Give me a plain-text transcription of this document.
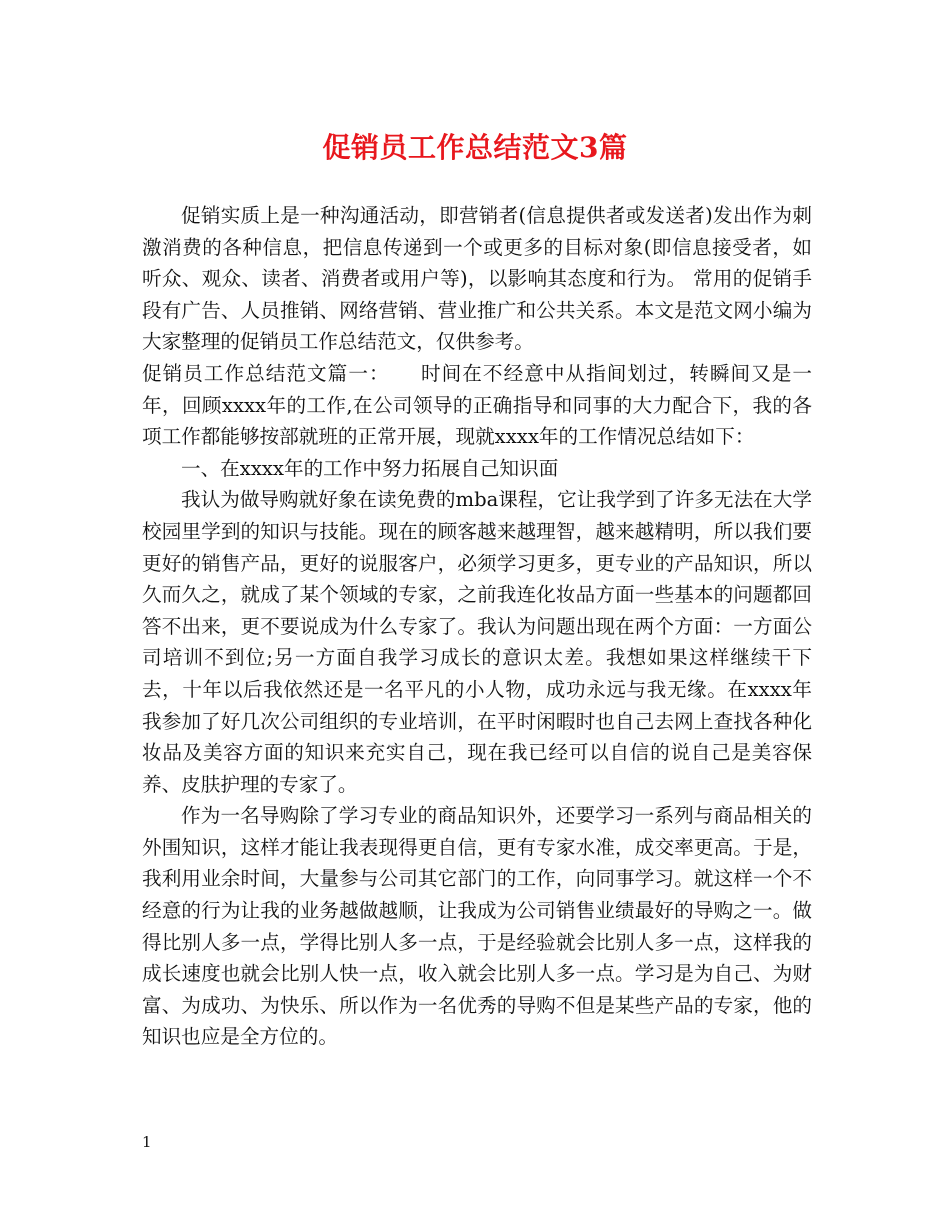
促销员工作总结范文3篇

促销实质上是一种沟通活动，即营销者(信息提供者或发送者)发出作为刺激消费的各种信息，把信息传递到一个或更多的目标对象(即信息接受者，如听众、观众、读者、消费者或用户等)，以影响其态度和行为。 常用的促销手段有广告、人员推销、网络营销、营业推广和公共关系。本文是范文网小编为大家整理的促销员工作总结范文，仅供参考。

促销员工作总结范文篇一：　　时间在不经意中从指间划过，转瞬间又是一年，回顾xxxx年的工作,在公司领导的正确指导和同事的大力配合下，我的各项工作都能够按部就班的正常开展，现就xxxx年的工作情况总结如下：

一、在xxxx年的工作中努力拓展自己知识面

我认为做导购就好象在读免费的mba课程，它让我学到了许多无法在大学校园里学到的知识与技能。现在的顾客越来越理智，越来越精明，所以我们要更好的销售产品，更好的说服客户，必须学习更多，更专业的产品知识，所以久而久之，就成了某个领域的专家，之前我连化妆品方面一些基本的问题都回答不出来，更不要说成为什么专家了。我认为问题出现在两个方面：一方面公司培训不到位;另一方面自我学习成长的意识太差。我想如果这样继续干下去，十年以后我依然还是一名平凡的小人物，成功永远与我无缘。在xxxx年我参加了好几次公司组织的专业培训，在平时闲暇时也自己去网上查找各种化妆品及美容方面的知识来充实自己，现在我已经可以自信的说自己是美容保养、皮肤护理的专家了。

作为一名导购除了学习专业的商品知识外，还要学习一系列与商品相关的外围知识，这样才能让我表现得更自信，更有专家水准，成交率更高。于是，我利用业余时间，大量参与公司其它部门的工作，向同事学习。就这样一个不经意的行为让我的业务越做越顺，让我成为公司销售业绩最好的导购之一。做得比别人多一点，学得比别人多一点，于是经验就会比别人多一点，这样我的成长速度也就会比别人快一点，收入就会比别人多一点。学习是为自己、为财富、为成功、为快乐、所以作为一名优秀的导购不但是某些产品的专家，他的知识也应是全方位的。

1
